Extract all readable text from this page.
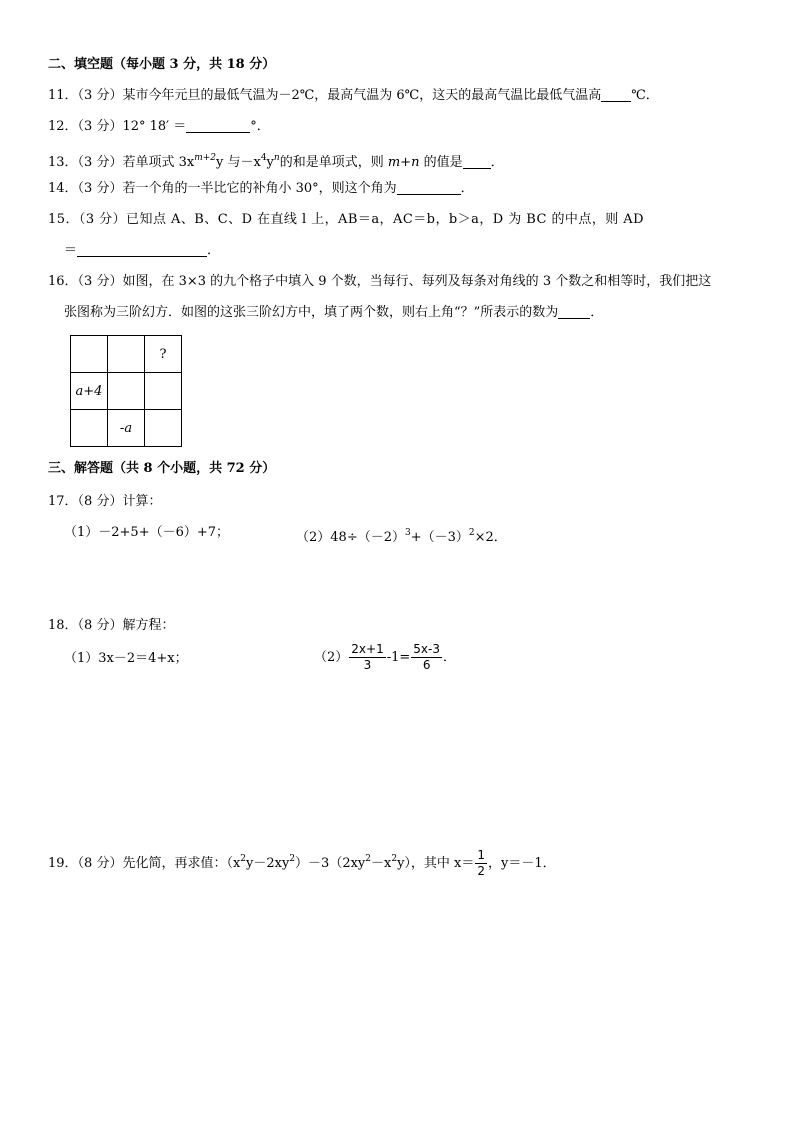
二、填空题（每小题 3 分，共 18 分）
11．（3 分）某市今年元旦的最低气温为－2℃，最高气温为 6℃，这天的最高气温比最低气温高 ℃．
12．（3 分）12° 18′ ＝	°．
13．（3 分）若单项式 $3x^{m+2}y$ 与$-x^4y^n$的和是单项式，则 m+n 的值是 ．
14．（3 分）若一个角的一半比它的补角小 30°，则这个角为	．
15．（3 分）已知点 A、B、C、D 在直线 l 上，AB＝a，AC＝b，b＞a，D 为 BC 的中点，则 AD
＝	．
16．（3 分）如图，在 3×3 的九个格子中填入 9 个数，当每行、每列及每条对角线的 3 个数之和相等时，我们把这
张图称为三阶幻方．如图的这张三阶幻方中，填了两个数，则右上角“？”所表示的数为 ．
		?
a+4		
	-a	
三、解答题（共 8 个小题，共 72 分）
17．（8 分）计算：
（1）－2+5+（－6）+7；	$(2)48\div(-2)^3+(-3)^2\times 2$．
18．（8 分）解方程：
（1）3x－2＝4+x；	$(2) \frac{2x+1}{3} -1= \frac{5x-3}{6}$ ．
19．（8 分）先化简，再求值：$(x^2y-2xy^2)-3(2xy^2-x^2y)$，其中 $x= \frac{1}{2}$ ，y＝－1．
